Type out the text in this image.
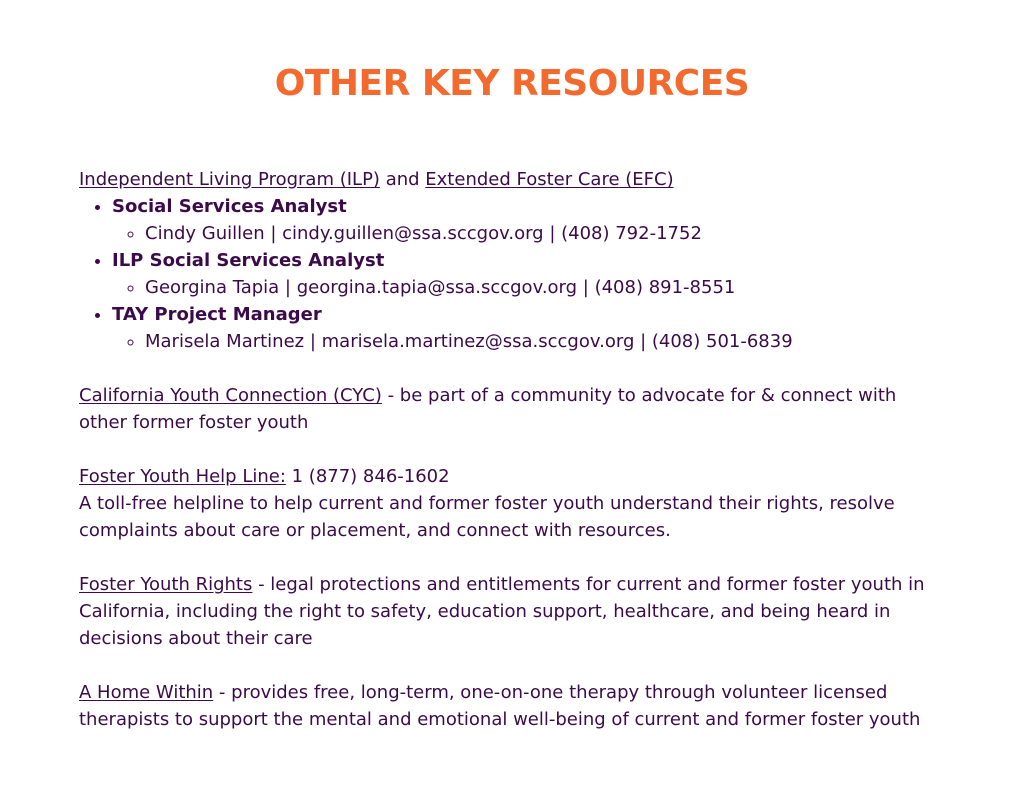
OTHER KEY RESOURCES

Independent Living Program (ILP) and Extended Foster Care (EFC)

• Social Services Analyst
◦ Cindy Guillen | cindy.guillen@ssa.sccgov.org | (408) 792-1752
• ILP Social Services Analyst
◦ Georgina Tapia | georgina.tapia@ssa.sccgov.org | (408) 891-8551
• TAY Project Manager
◦ Marisela Martinez | marisela.martinez@ssa.sccgov.org | (408) 501-6839

California Youth Connection (CYC) - be part of a community to advocate for & connect with other former foster youth

Foster Youth Help Line: 1 (877) 846-1602

A toll-free helpline to help current and former foster youth understand their rights, resolve complaints about care or placement, and connect with resources.

Foster Youth Rights - legal protections and entitlements for current and former foster youth in California, including the right to safety, education support, healthcare, and being heard in decisions about their care

A Home Within - provides free, long-term, one-on-one therapy through volunteer licensed therapists to support the mental and emotional well-being of current and former foster youth
